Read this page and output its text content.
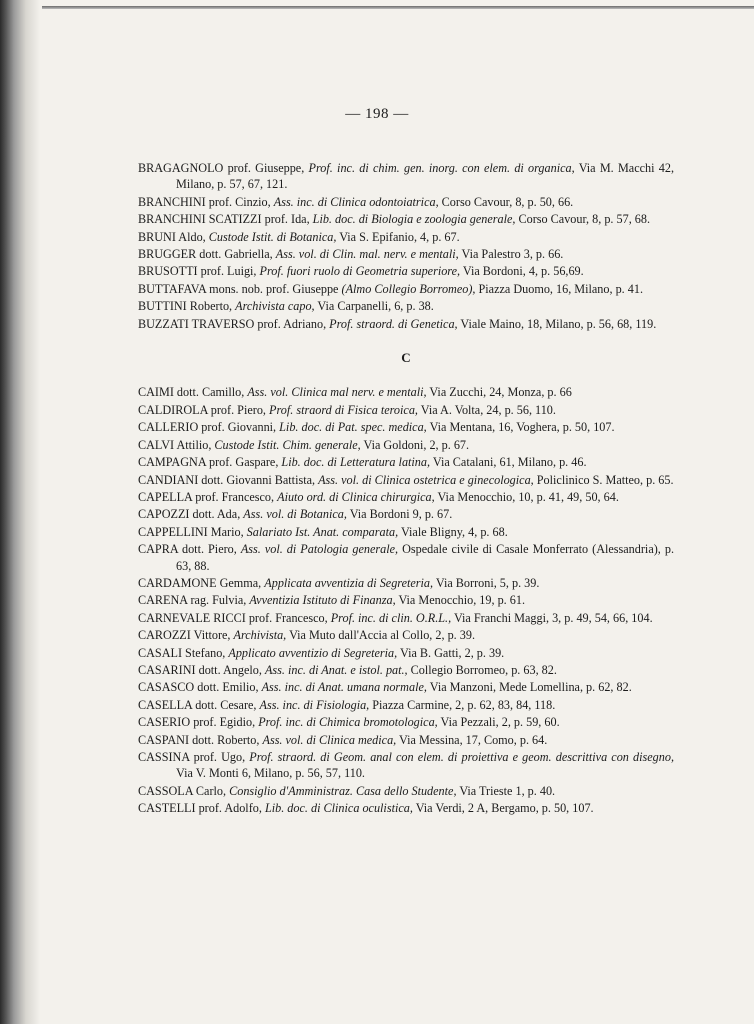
— 198 —

BRAGAGNOLO prof. Giuseppe, Prof. inc. di chim. gen. inorg. con elem. di organica, Via M. Macchi 42, Milano, p. 57, 67, 121.

BRANCHINI prof. Cinzio, Ass. inc. di Clinica odontoiatrica, Corso Cavour, 8, p. 50, 66.

BRANCHINI SCATIZZI prof. Ida, Lib. doc. di Biologia e zoologia generale, Corso Cavour, 8, p. 57, 68.

BRUNI Aldo, Custode Istit. di Botanica, Via S. Epifanio, 4, p. 67.

BRUGGER dott. Gabriella, Ass. vol. di Clin. mal. nerv. e mentali, Via Palestro 3, p. 66.

BRUSOTTI prof. Luigi, Prof. fuori ruolo di Geometria superiore, Via Bordoni, 4, p. 56,69.

BUTTAFAVA mons. nob. prof. Giuseppe (Almo Collegio Borromeo), Piazza Duomo, 16, Milano, p. 41.

BUTTINI Roberto, Archivista capo, Via Carpanelli, 6, p. 38.

BUZZATI TRAVERSO prof. Adriano, Prof. straord. di Genetica, Viale Maino, 18, Milano, p. 56, 68, 119.

C

CAIMI dott. Camillo, Ass. vol. Clinica mal nerv. e mentali, Via Zucchi, 24, Monza, p. 66

CALDIROLA prof. Piero, Prof. straord di Fisica teroica, Via A. Volta, 24, p. 56, 110.

CALLERIO prof. Giovanni, Lib. doc. di Pat. spec. medica, Via Mentana, 16, Voghera, p. 50, 107.

CALVI Attilio, Custode Istit. Chim. generale, Via Goldoni, 2, p. 67.

CAMPAGNA prof. Gaspare, Lib. doc. di Letteratura latina, Via Catalani, 61, Milano, p. 46.

CANDIANI dott. Giovanni Battista, Ass. vol. di Clinica ostetrica e ginecologica, Policlinico S. Matteo, p. 65.

CAPELLA prof. Francesco, Aiuto ord. di Clinica chirurgica, Via Menocchio, 10, p. 41, 49, 50, 64.

CAPOZZI dott. Ada, Ass. vol. di Botanica, Via Bordoni 9, p. 67.

CAPPELLINI Mario, Salariato Ist. Anat. comparata, Viale Bligny, 4, p. 68.

CAPRA dott. Piero, Ass. vol. di Patologia generale, Ospedale civile di Casale Monferrato (Alessandria), p. 63, 88.

CARDAMONE Gemma, Applicata avventizia di Segreteria, Via Borroni, 5, p. 39.

CARENA rag. Fulvia, Avventizia Istituto di Finanza, Via Menocchio, 19, p. 61.

CARNEVALE RICCI prof. Francesco, Prof. inc. di clin. O.R.L., Via Franchi Maggi, 3, p. 49, 54, 66, 104.

CAROZZI Vittore, Archivista, Via Muto dall'Accia al Collo, 2, p. 39.

CASALI Stefano, Applicato avventizio di Segreteria, Via B. Gatti, 2, p. 39.

CASARINI dott. Angelo, Ass. inc. di Anat. e istol. pat., Collegio Borromeo, p. 63, 82.

CASASCO dott. Emilio, Ass. inc. di Anat. umana normale, Via Manzoni, Mede Lomellina, p. 62, 82.

CASELLA dott. Cesare, Ass. inc. di Fisiologia, Piazza Carmine, 2, p. 62, 83, 84, 118.

CASERIO prof. Egidio, Prof. inc. di Chimica bromotologica, Via Pezzali, 2, p. 59, 60.

CASPANI dott. Roberto, Ass. vol. di Clinica medica, Via Messina, 17, Como, p. 64.

CASSINA prof. Ugo, Prof. straord. di Geom. anal con elem. di proiettiva e geom. descrittiva con disegno, Via V. Monti 6, Milano, p. 56, 57, 110.

CASSOLA Carlo, Consiglio d'Amministraz. Casa dello Studente, Via Trieste 1, p. 40.

CASTELLI prof. Adolfo, Lib. doc. di Clinica oculistica, Via Verdi, 2 A, Bergamo, p. 50, 107.
